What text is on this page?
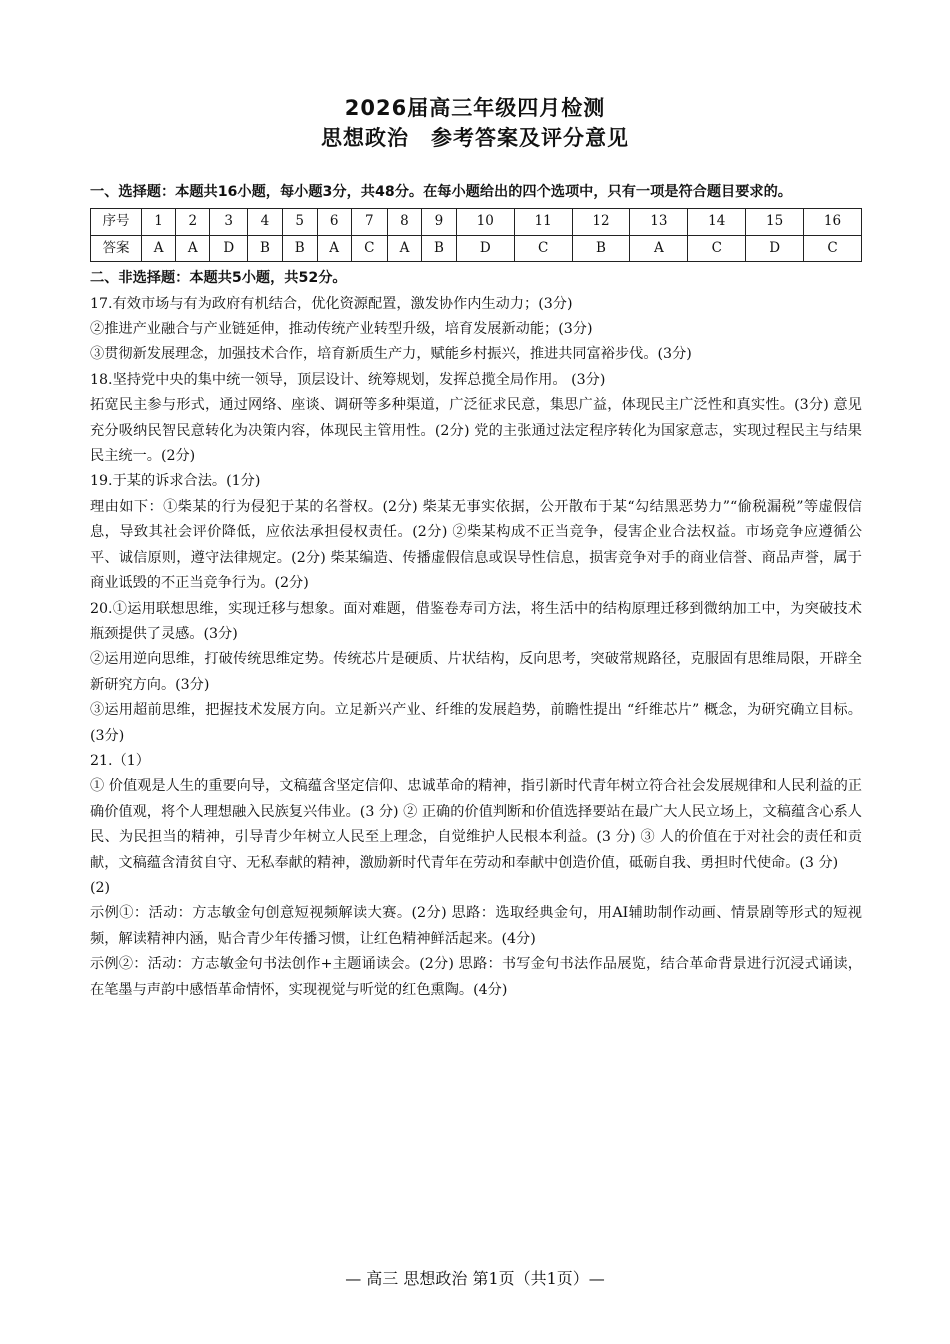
2026届高三年级四月检测
思想政治　参考答案及评分意见

一、选择题：本题共16小题，每小题3分，共48分。在每小题给出的四个选项中，只有一项是符合题目要求的。

序号	1	2	3	4	5	6	7	8	9	10	11	12	13	14	15	16
答案	A	A	D	B	B	A	C	A	B	D	C	B	A	C	D	C

二、非选择题：本题共5小题，共52分。

17.有效市场与有为政府有机结合，优化资源配置，激发协作内生动力；(3分)

②推进产业融合与产业链延伸，推动传统产业转型升级，培育发展新动能；(3分)

③贯彻新发展理念，加强技术合作，培育新质生产力，赋能乡村振兴，推进共同富裕步伐。(3分)

18.坚持党中央的集中统一领导，顶层设计、统筹规划，发挥总揽全局作用。 (3分)

拓宽民主参与形式，通过网络、座谈、调研等多种渠道，广泛征求民意，集思广益，体现民主广泛性和真实性。(3分) 意见充分吸纳民智民意转化为决策内容，体现民主管用性。(2分) 党的主张通过法定程序转化为国家意志，实现过程民主与结果民主统一。(2分)

19.于某的诉求合法。(1分)

理由如下：①柴某的行为侵犯于某的名誉权。(2分) 柴某无事实依据，公开散布于某“勾结黑恶势力”“偷税漏税”等虚假信息，导致其社会评价降低，应依法承担侵权责任。(2分) ②柴某构成不正当竞争，侵害企业合法权益。市场竞争应遵循公平、诚信原则，遵守法律规定。(2分) 柴某编造、传播虚假信息或误导性信息，损害竞争对手的商业信誉、商品声誉，属于商业诋毁的不正当竞争行为。(2分)

20.①运用联想思维，实现迁移与想象。面对难题，借鉴卷寿司方法，将生活中的结构原理迁移到微纳加工中，为突破技术瓶颈提供了灵感。(3分)

②运用逆向思维，打破传统思维定势。传统芯片是硬质、片状结构，反向思考，突破常规路径，克服固有思维局限，开辟全新研究方向。(3分)

③运用超前思维，把握技术发展方向。立足新兴产业、纤维的发展趋势，前瞻性提出 “纤维芯片” 概念，为研究确立目标。(3分)

21.（1）

① 价值观是人生的重要向导，文稿蕴含坚定信仰、忠诚革命的精神，指引新时代青年树立符合社会发展规律和人民利益的正确价值观，将个人理想融入民族复兴伟业。(3 分) ② 正确的价值判断和价值选择要站在最广大人民立场上，文稿蕴含心系人民、为民担当的精神，引导青少年树立人民至上理念，自觉维护人民根本利益。(3 分) ③ 人的价值在于对社会的责任和贡献，文稿蕴含清贫自守、无私奉献的精神，激励新时代青年在劳动和奉献中创造价值，砥砺自我、勇担时代使命。(3 分)

(2)

示例①：活动：方志敏金句创意短视频解读大赛。(2分) 思路：选取经典金句，用AI辅助制作动画、情景剧等形式的短视频，解读精神内涵，贴合青少年传播习惯，让红色精神鲜活起来。(4分)

示例②：活动：方志敏金句书法创作+主题诵读会。(2分) 思路：书写金句书法作品展览，结合革命背景进行沉浸式诵读，在笔墨与声韵中感悟革命情怀，实现视觉与听觉的红色熏陶。(4分)

— 高三 思想政治 第1页（共1页）—
